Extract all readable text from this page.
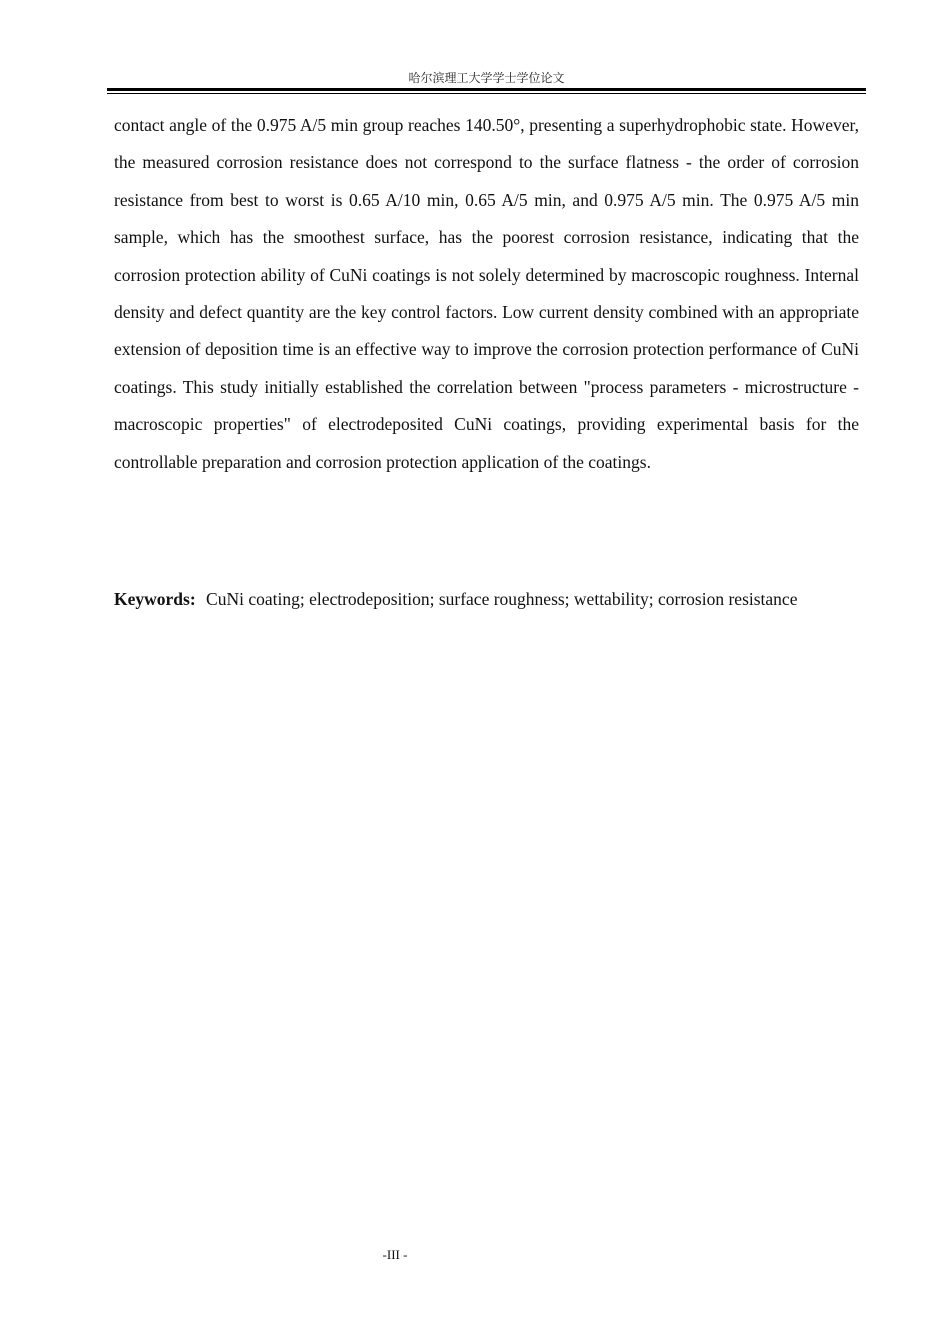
哈尔滨理工大学学士学位论文

contact angle of the 0.975 A/5 min group reaches 140.50°, presenting a superhydrophobic state. However, the measured corrosion resistance does not correspond to the surface flatness - the order of corrosion resistance from best to worst is 0.65 A/10 min, 0.65 A/5 min, and 0.975 A/5 min. The 0.975 A/5 min sample, which has the smoothest surface, has the poorest corrosion resistance, indicating that the corrosion protection ability of CuNi coatings is not solely determined by macroscopic roughness. Internal density and defect quantity are the key control factors. Low current density combined with an appropriate extension of deposition time is an effective way to improve the corrosion protection performance of CuNi coatings. This study initially established the correlation between "process parameters - microstructure - macroscopic properties" of electrodeposited CuNi coatings, providing experimental basis for the controllable preparation and corrosion protection application of the coatings.

Keywords: CuNi coating; electrodeposition; surface roughness; wettability; corrosion resistance

-III -
